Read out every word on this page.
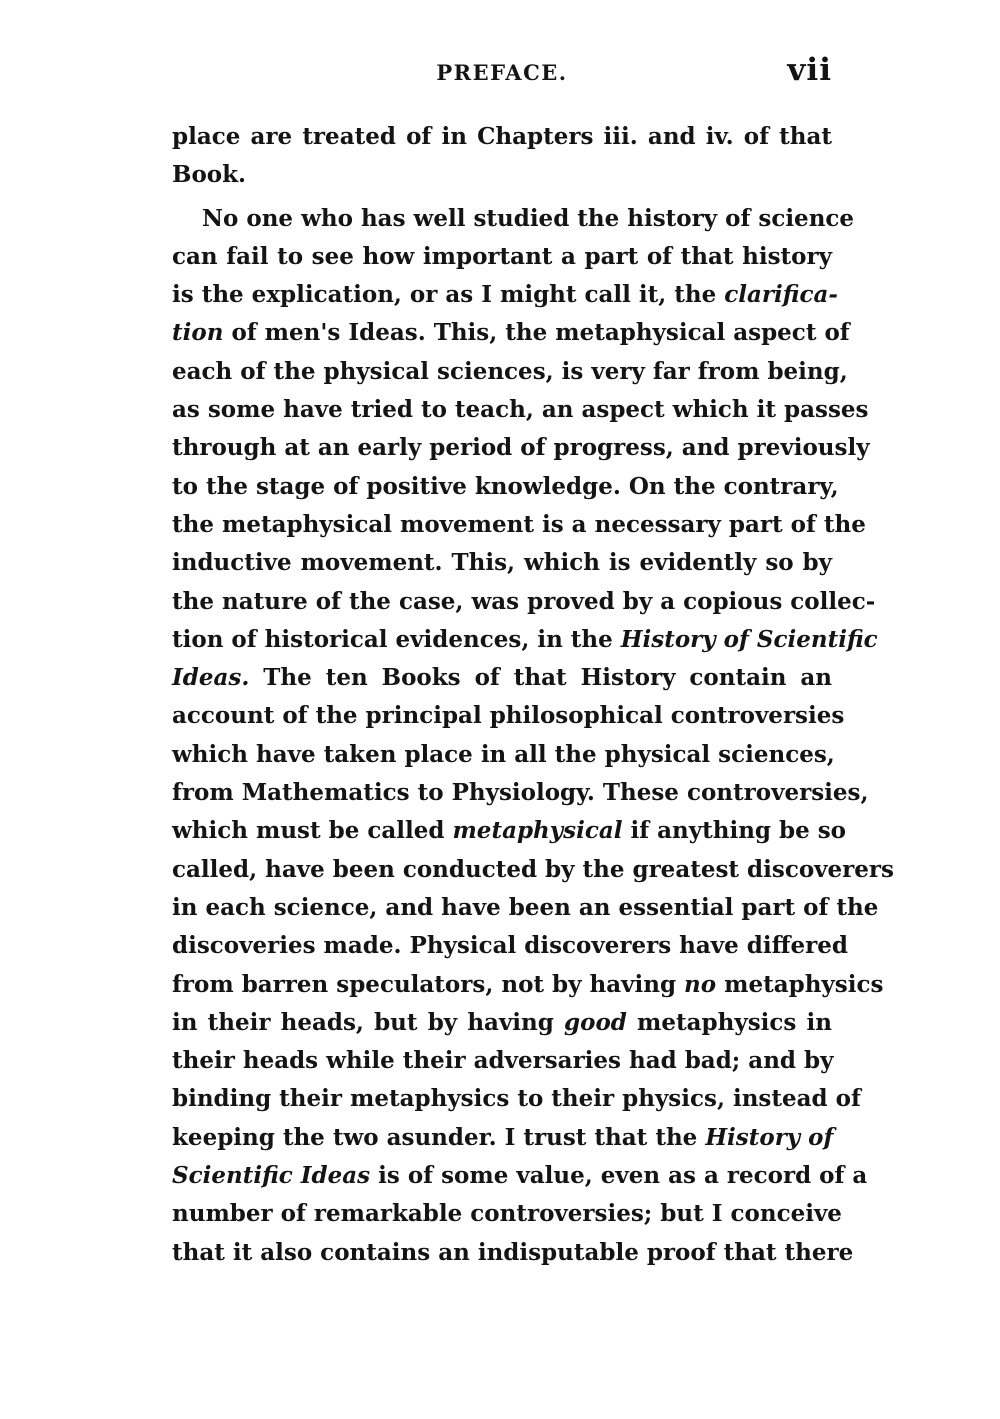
PREFACE.	vii
place are treated of in Chapters iii. and iv. of that
Book.
No one who has well studied the history of science
can fail to see how important a part of that history
is the explication, or as I might call it, the clarifica-
tion of men's Ideas. This, the metaphysical aspect of
each of the physical sciences, is very far from being,
as some have tried to teach, an aspect which it passes
through at an early period of progress, and previously
to the stage of positive knowledge. On the contrary,
the metaphysical movement is a necessary part of the
inductive movement. This, which is evidently so by
the nature of the case, was proved by a copious collec-
tion of historical evidences, in the History of Scientific
Ideas. The ten Books of that History contain an
account of the principal philosophical controversies
which have taken place in all the physical sciences,
from Mathematics to Physiology. These controversies,
which must be called metaphysical if anything be so
called, have been conducted by the greatest discoverers
in each science, and have been an essential part of the
discoveries made. Physical discoverers have differed
from barren speculators, not by having no metaphysics
in their heads, but by having good metaphysics in
their heads while their adversaries had bad; and by
binding their metaphysics to their physics, instead of
keeping the two asunder. I trust that the History of
Scientific Ideas is of some value, even as a record of a
number of remarkable controversies; but I conceive
that it also contains an indisputable proof that there
